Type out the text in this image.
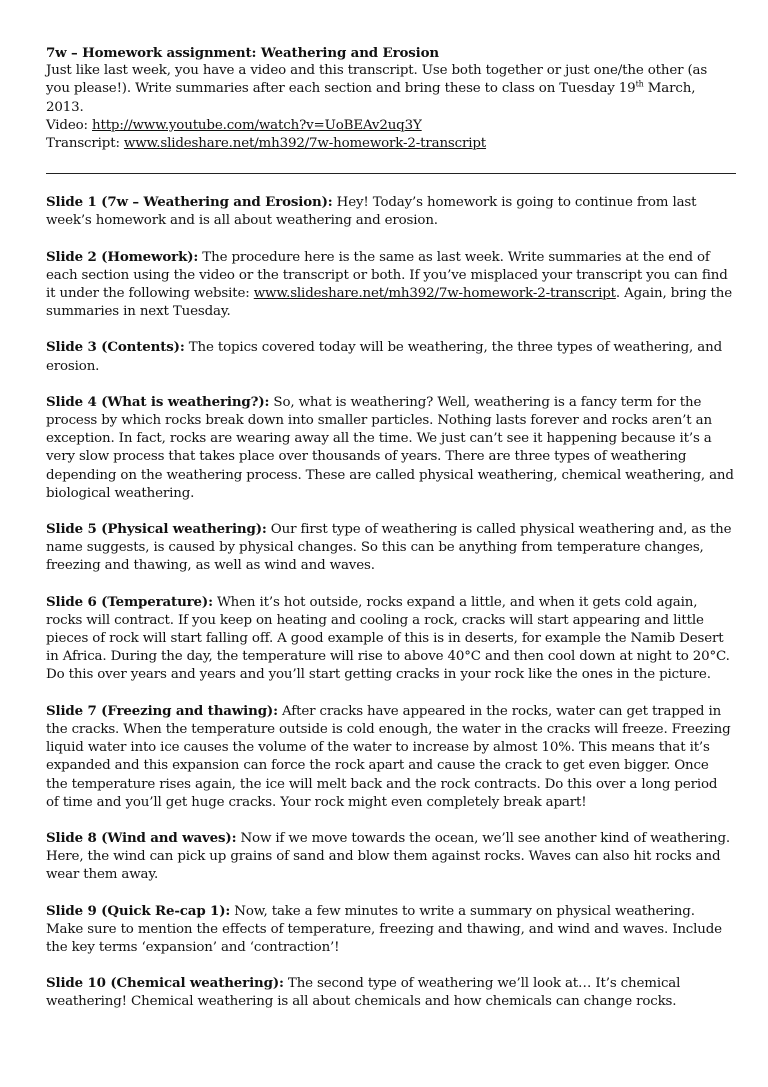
7w – Homework assignment: Weathering and Erosion

Just like last week, you have a video and this transcript. Use both together or just one/the other (as you please!). Write summaries after each section and bring these to class on Tuesday 19th March, 2013.

Video: http://www.youtube.com/watch?v=UoBEAv2uq3Y

Transcript: www.slideshare.net/mh392/7w-homework-2-transcript

Slide 1 (7w – Weathering and Erosion): Hey! Today’s homework is going to continue from last week’s homework and is all about weathering and erosion.

Slide 2 (Homework): The procedure here is the same as last week. Write summaries at the end of each section using the video or the transcript or both. If you’ve misplaced your transcript you can find it under the following website: www.slideshare.net/mh392/7w-homework-2-transcript. Again, bring the summaries in next Tuesday.

Slide 3 (Contents): The topics covered today will be weathering, the three types of weathering, and erosion.

Slide 4 (What is weathering?): So, what is weathering? Well, weathering is a fancy term for the process by which rocks break down into smaller particles. Nothing lasts forever and rocks aren’t an exception. In fact, rocks are wearing away all the time. We just can’t see it happening because it’s a very slow process that takes place over thousands of years. There are three types of weathering depending on the weathering process. These are called physical weathering, chemical weathering, and biological weathering.

Slide 5 (Physical weathering): Our first type of weathering is called physical weathering and, as the name suggests, is caused by physical changes. So this can be anything from temperature changes, freezing and thawing, as well as wind and waves.

Slide 6 (Temperature): When it’s hot outside, rocks expand a little, and when it gets cold again, rocks will contract. If you keep on heating and cooling a rock, cracks will start appearing and little pieces of rock will start falling off. A good example of this is in deserts, for example the Namib Desert in Africa. During the day, the temperature will rise to above 40°C and then cool down at night to 20°C. Do this over years and years and you’ll start getting cracks in your rock like the ones in the picture.

Slide 7 (Freezing and thawing): After cracks have appeared in the rocks, water can get trapped in the cracks. When the temperature outside is cold enough, the water in the cracks will freeze. Freezing liquid water into ice causes the volume of the water to increase by almost 10%. This means that it’s expanded and this expansion can force the rock apart and cause the crack to get even bigger. Once the temperature rises again, the ice will melt back and the rock contracts. Do this over a long period of time and you’ll get huge cracks. Your rock might even completely break apart!

Slide 8 (Wind and waves): Now if we move towards the ocean, we’ll see another kind of weathering. Here, the wind can pick up grains of sand and blow them against rocks. Waves can also hit rocks and wear them away.

Slide 9 (Quick Re-cap 1): Now, take a few minutes to write a summary on physical weathering. Make sure to mention the effects of temperature, freezing and thawing, and wind and waves. Include the key terms ‘expansion’ and ‘contraction’!

Slide 10 (Chemical weathering): The second type of weathering we’ll look at… It’s chemical weathering! Chemical weathering is all about chemicals and how chemicals can change rocks.
